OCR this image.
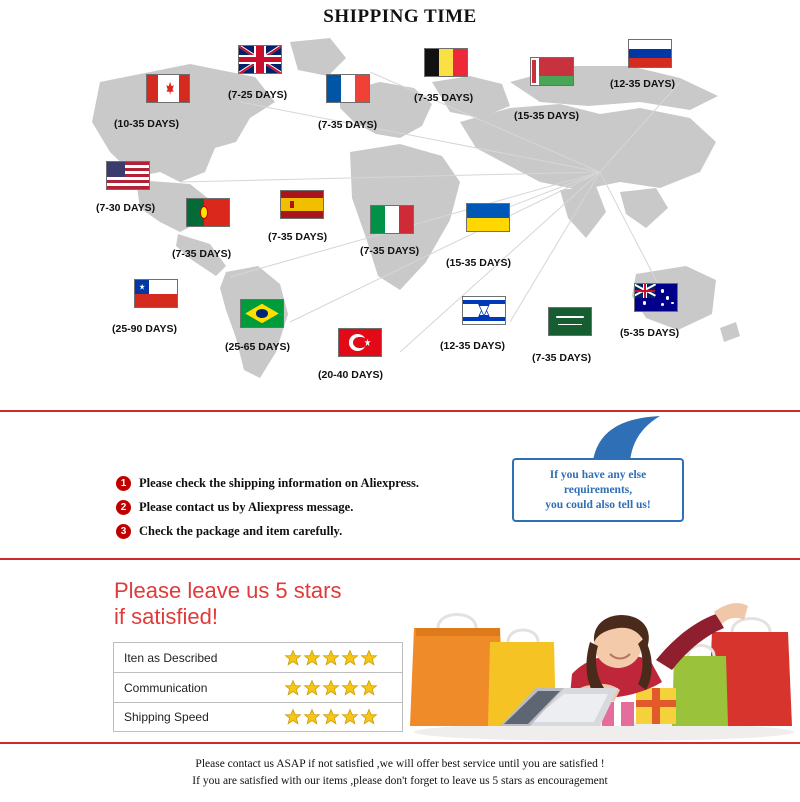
SHIPPING TIME
(10-35 DAYS)
(7-25 DAYS)
(7-35 DAYS)
(7-35 DAYS)
(15-35 DAYS)
(12-35 DAYS)
(7-30 DAYS)
(7-35 DAYS)
(7-35 DAYS)
(7-35 DAYS)
(15-35 DAYS)
(25-90 DAYS)
(25-65 DAYS)
(20-40 DAYS)
(12-35 DAYS)
(7-35 DAYS)
(5-35 DAYS)
1	Please check the shipping information on Aliexpress.
2	Please contact us by Aliexpress message.
3	Check the package and item carefully.
If you have any else
requirements,
you could also tell us!
Please leave us 5 stars
if satisfied!
Iten as Described
Communication
Shipping Speed

Please contact us ASAP if not satisfied ,we will offer best service until you are satisfied !
If you are satisfied with our items ,please don't forget to leave us 5 stars as encouragement
